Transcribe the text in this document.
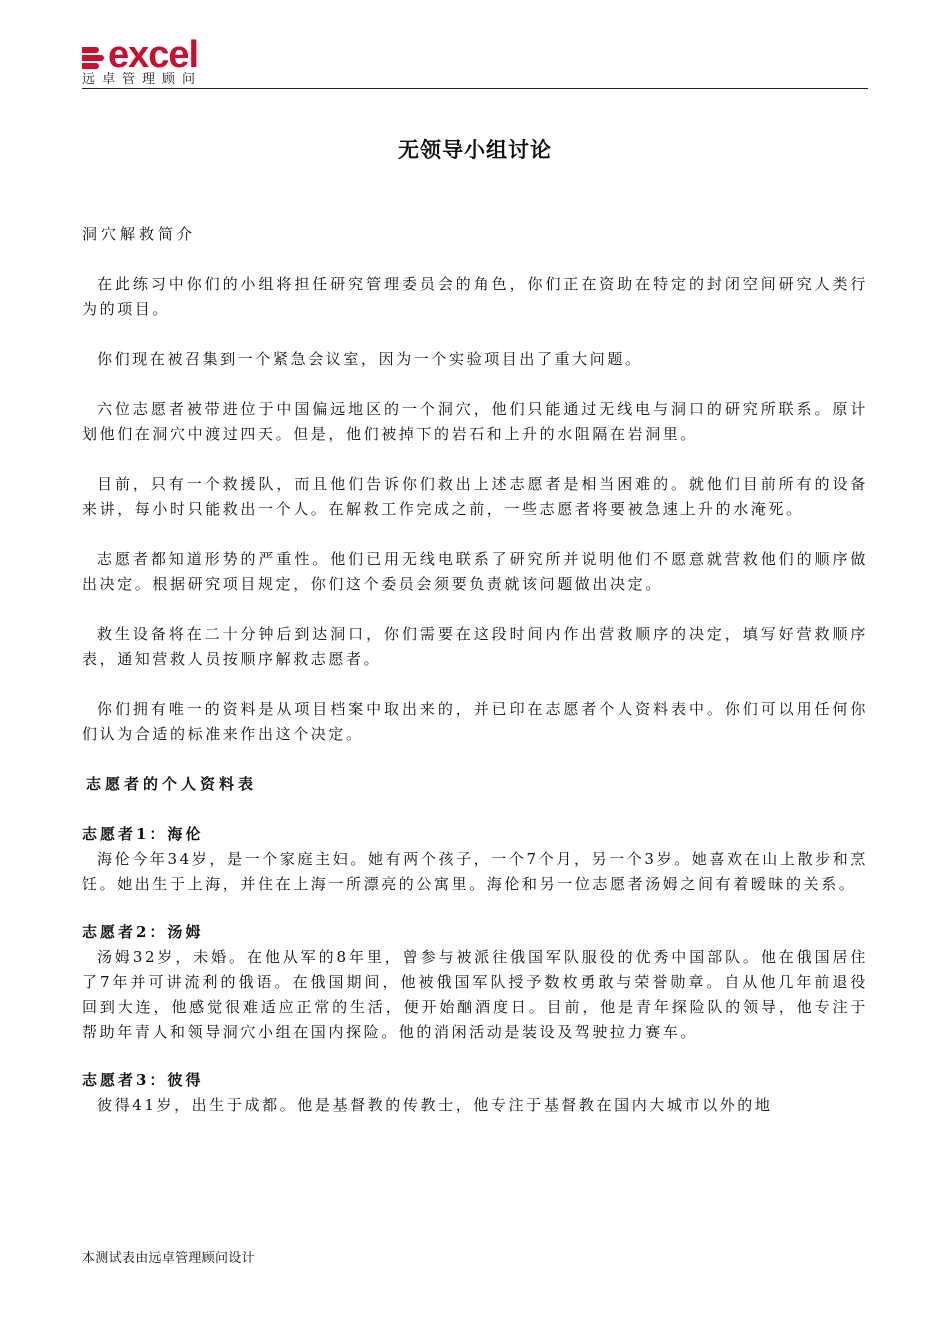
excel
远卓管理顾问
无领导小组讨论

洞穴解救简介

在此练习中你们的小组将担任研究管理委员会的角色，你们正在资助在特定的封闭空间研究人类行为的项目。

你们现在被召集到一个紧急会议室，因为一个实验项目出了重大问题。

六位志愿者被带进位于中国偏远地区的一个洞穴，他们只能通过无线电与洞口的研究所联系。原计划他们在洞穴中渡过四天。但是，他们被掉下的岩石和上升的水阻隔在岩洞里。

目前，只有一个救援队，而且他们告诉你们救出上述志愿者是相当困难的。就他们目前所有的设备来讲，每小时只能救出一个人。在解救工作完成之前，一些志愿者将要被急速上升的水淹死。

志愿者都知道形势的严重性。他们已用无线电联系了研究所并说明他们不愿意就营救他们的顺序做出决定。根据研究项目规定，你们这个委员会须要负责就该问题做出决定。

救生设备将在二十分钟后到达洞口，你们需要在这段时间内作出营救顺序的决定，填写好营救顺序表，通知营救人员按顺序解救志愿者。

你们拥有唯一的资料是从项目档案中取出来的，并已印在志愿者个人资料表中。你们可以用任何你们认为合适的标准来作出这个决定。

志愿者的个人资料表

志愿者1：海伦

海伦今年34岁，是一个家庭主妇。她有两个孩子，一个7个月，另一个3岁。她喜欢在山上散步和烹饪。她出生于上海，并住在上海一所漂亮的公寓里。海伦和另一位志愿者汤姆之间有着暧昧的关系。

志愿者2：汤姆

汤姆32岁，未婚。在他从军的8年里，曾参与被派往俄国军队服役的优秀中国部队。他在俄国居住了7年并可讲流利的俄语。在俄国期间，他被俄国军队授予数枚勇敢与荣誉勋章。自从他几年前退役回到大连，他感觉很难适应正常的生活，便开始酗酒度日。目前，他是青年探险队的领导，他专注于帮助年青人和领导洞穴小组在国内探险。他的消闲活动是装设及驾驶拉力赛车。

志愿者3：彼得

彼得41岁，出生于成都。他是基督教的传教士，他专注于基督教在国内大城市以外的地

本测试表由远卓管理顾问设计
